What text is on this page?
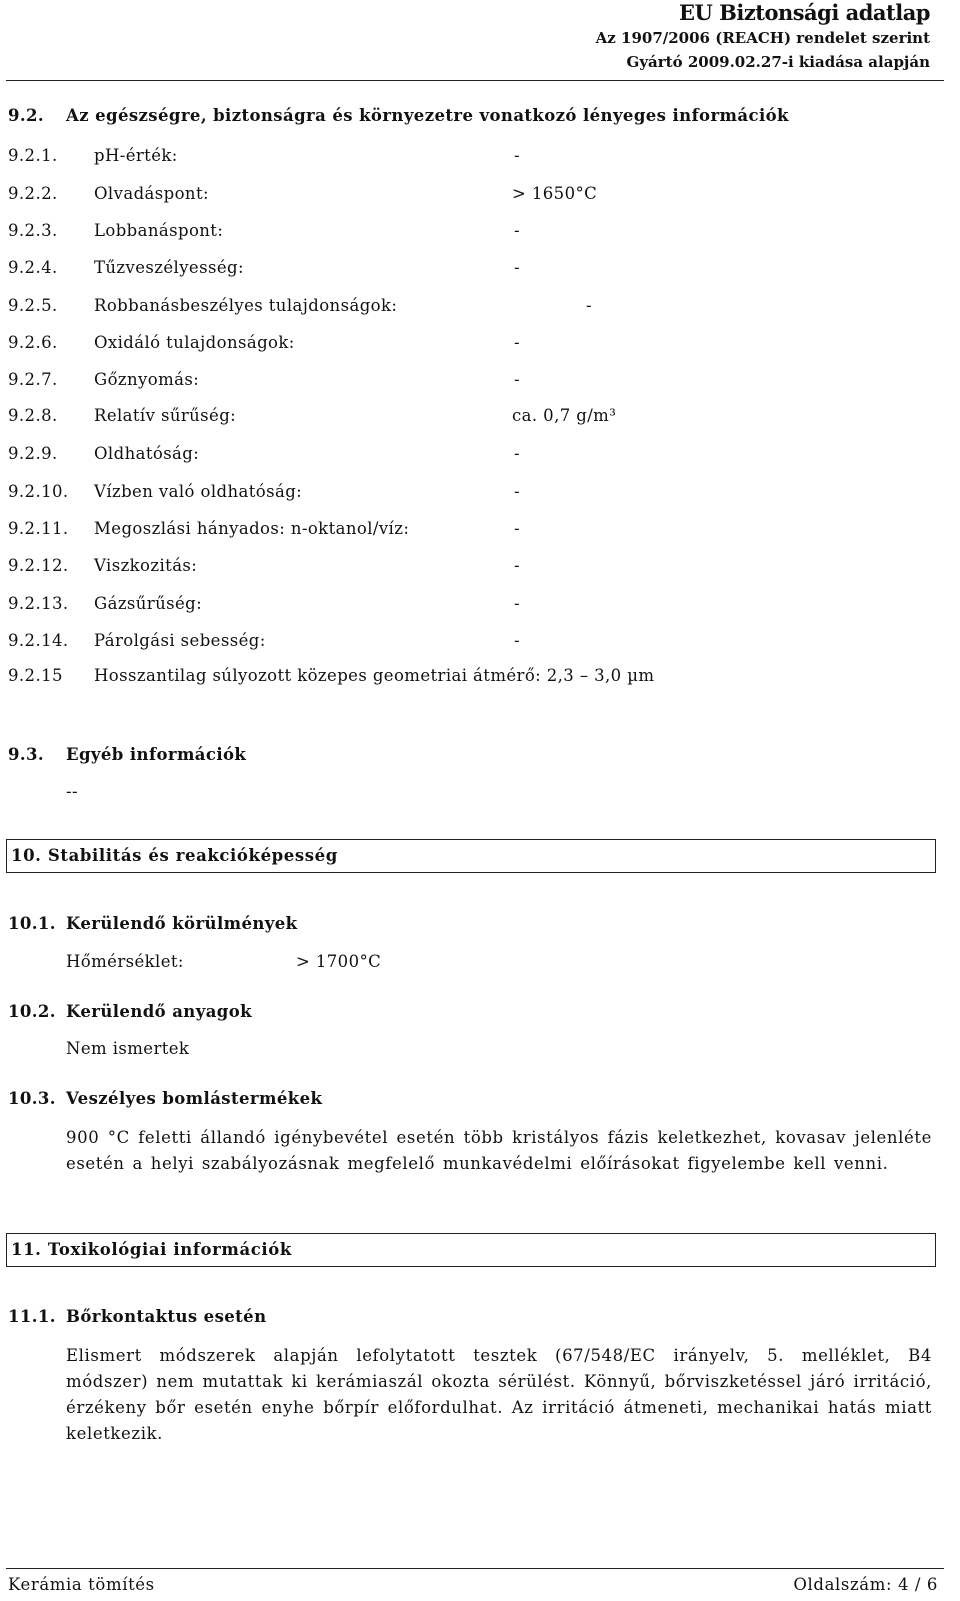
EU Biztonsági adatlap
Az 1907/2006 (REACH) rendelet szerint
Gyártó 2009.02.27-i kiadása alapján
9.2. Az egészségre, biztonságra és környezetre vonatkozó lényeges információk
9.2.1. pH-érték:	-
9.2.2. Olvadáspont:	> 1650°C
9.2.3. Lobbanáspont:	-
9.2.4. Tűzveszélyesség:	-
9.2.5. Robbanásbeszélyes tulajdonságok:	-
9.2.6. Oxidáló tulajdonságok:	-
9.2.7. Gőznyomás:	-
9.2.8. Relatív sűrűség:	ca. 0,7 g/m³
9.2.9. Oldhatóság:	-
9.2.10. Vízben való oldhatóság:	-
9.2.11. Megoszlási hányados: n-oktanol/víz:	-
9.2.12. Viszkozitás:	-
9.2.13. Gázsűrűség:	-
9.2.14. Párolgási sebesség:	-
9.2.15 Hosszantilag súlyozott közepes geometriai átmérő: 2,3 – 3,0 µm
9.3. Egyéb információk
--
10. Stabilitás és reakcióképesség
10.1. Kerülendő körülmények
Hőmérséklet:	> 1700°C
10.2. Kerülendő anyagok
Nem ismertek
10.3. Veszélyes bomlástermékek
900 °C feletti állandó igénybevétel esetén több kristályos fázis keletkezhet, kovasav jelenléte esetén a helyi szabályozásnak megfelelő munkavédelmi előírásokat figyelembe kell venni.
11. Toxikológiai információk
11.1. Bőrkontaktus esetén
Elismert módszerek alapján lefolytatott tesztek (67/548/EC irányelv, 5. melléklet, B4 módszer) nem mutattak ki kerámiaszál okozta sérülést. Könnyű, bőrviszketéssel járó irritáció, érzékeny bőr esetén enyhe bőrpír előfordulhat. Az irritáció átmeneti, mechanikai hatás miatt keletkezik.
Kerámia tömítés	Oldalszám: 4 / 6
